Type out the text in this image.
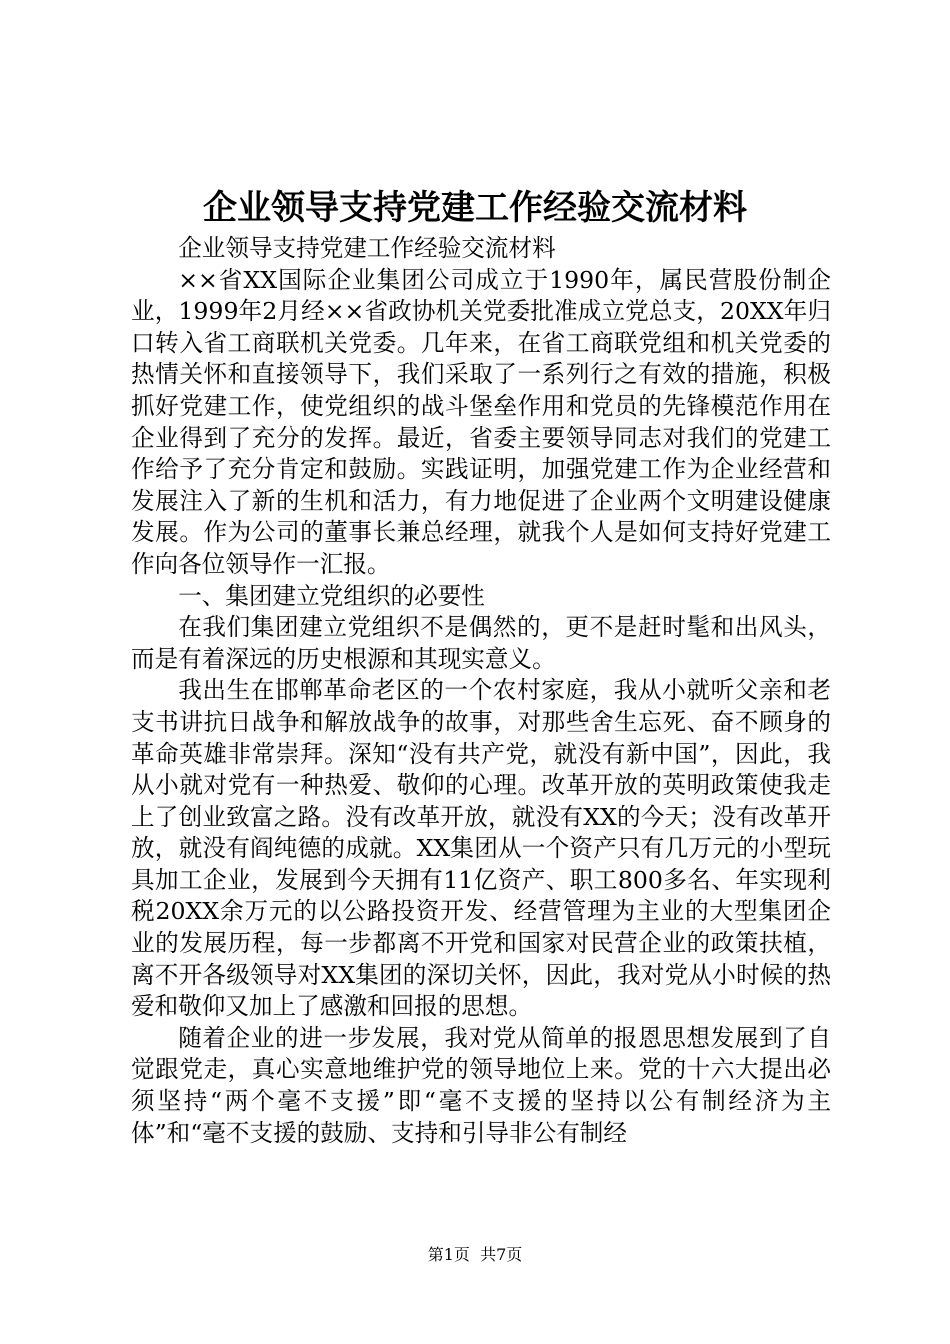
企业领导支持党建工作经验交流材料

企业领导支持党建工作经验交流材料

××省XX国际企业集团公司成立于1990年，属民营股份制企业，1999年2月经××省政协机关党委批准成立党总支，20XX年归口转入省工商联机关党委。几年来，在省工商联党组和机关党委的热情关怀和直接领导下，我们采取了一系列行之有效的措施，积极抓好党建工作，使党组织的战斗堡垒作用和党员的先锋模范作用在企业得到了充分的发挥。最近，省委主要领导同志对我们的党建工作给予了充分肯定和鼓励。实践证明，加强党建工作为企业经营和发展注入了新的生机和活力，有力地促进了企业两个文明建设健康发展。作为公司的董事长兼总经理，就我个人是如何支持好党建工作向各位领导作一汇报。

一、集团建立党组织的必要性

在我们集团建立党组织不是偶然的，更不是赶时髦和出风头，而是有着深远的历史根源和其现实意义。

我出生在邯郸革命老区的一个农村家庭，我从小就听父亲和老支书讲抗日战争和解放战争的故事，对那些舍生忘死、奋不顾身的革命英雄非常崇拜。深知“没有共产党，就没有新中国”，因此，我从小就对党有一种热爱、敬仰的心理。改革开放的英明政策使我走上了创业致富之路。没有改革开放，就没有XX的今天；没有改革开放，就没有阎纯德的成就。XX集团从一个资产只有几万元的小型玩具加工企业，发展到今天拥有11亿资产、职工800多名、年实现利税20XX余万元的以公路投资开发、经营管理为主业的大型集团企业的发展历程，每一步都离不开党和国家对民营企业的政策扶植，离不开各级领导对XX集团的深切关怀，因此，我对党从小时候的热爱和敬仰又加上了感激和回报的思想。

随着企业的进一步发展，我对党从简单的报恩思想发展到了自觉跟党走，真心实意地维护党的领导地位上来。党的十六大提出必须坚持“两个毫不支援”即“毫不支援的坚持以公有制经济为主体”和“毫不支援的鼓励、支持和引导非公有制经

第1页 共7页
